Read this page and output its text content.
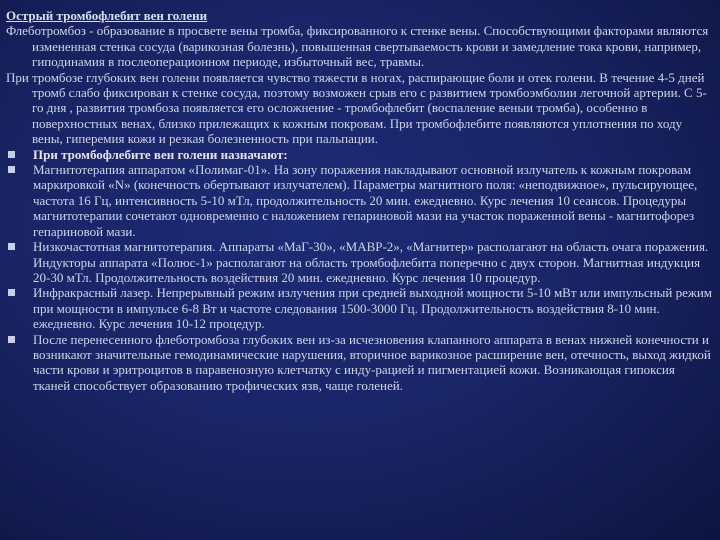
Острый тромбофлебит вен голени

Флеботромбоз - образование в просвете вены тромба, фиксированного к стенке вены. Способствующими факторами являются измененная стенка сосуда (варикозная болезнь), повышенная свертываемость крови и замедление тока крови, например, гиподинамия в послеоперационном периоде, избыточный вес, травмы.

При тромбозе глубоких вен голени появляется чувство тяжести в ногах, распирающие боли и отек голени. В течение 4-5 дней тромб слабо фиксирован к стенке сосуда, поэтому возможен срыв его с развитием тромбоэмболии легочной артерии. С 5-го дня , развития тромбоза появляется его осложнение - тромбофлебит (воспаление веныи тромба), особенно в поверхностных венах, близко прилежащих к кожным покровам. При тромбофлебите появляются уплотнения по ходу вены, гиперемия кожи и резкая болезненность при пальпации.

При тромбофлебите вен голени назначают:
Магнитотерапия аппаратом «Полимаг-01». На зону поражения накладывают основной излучатель к кожным покровам маркировкой «N» (конечность обертывают излучателем). Параметры магнитного поля: «неподвижное», пульсирующее, частота 16 Гц, интенсивность 5-10 мТл, продолжительность 20 мин. ежедневно. Курс лечения 10 сеансов. Процедуры магнитотерапии сочетают одновременно с наложением гепариновой мази на участок пораженной вены - магнитофорез гепариновой мази.
Низкочастотная магнитотерапия. Аппараты «МаГ-30», «МАВР-2», «Магнитер» располагают на область очага поражения. Индукторы аппарата «Полюс-1» располагают на область тромбофлебита поперечно с двух сторон. Магнитная индукция 20-30 мТл. Продолжительность воздействия 20 мин. ежедневно. Курс лечения 10 процедур.
Инфракрасный лазер. Непрерывный режим излучения при средней выходной мощности 5-10 мВт или импульсный режим при мощности в импульсе 6-8 Вт и частоте следования 1500-3000 Гц. Продолжительность воздействия 8-10 мин. ежедневно. Курс лечения 10-12 процедур.
После перенесенного флеботромбоза глубоких вен из-за исчезновения клапанного аппарата в венах нижней конечности и возникают значительные гемодинамические нарушения, вторичное варикозное расширение вен, отечность, выход жидкой части крови и эритроцитов в паравенозную клетчатку с инду-рацией и пигментацией кожи. Возникающая гипоксия тканей способствует образованию трофических язв, чаще голеней.
